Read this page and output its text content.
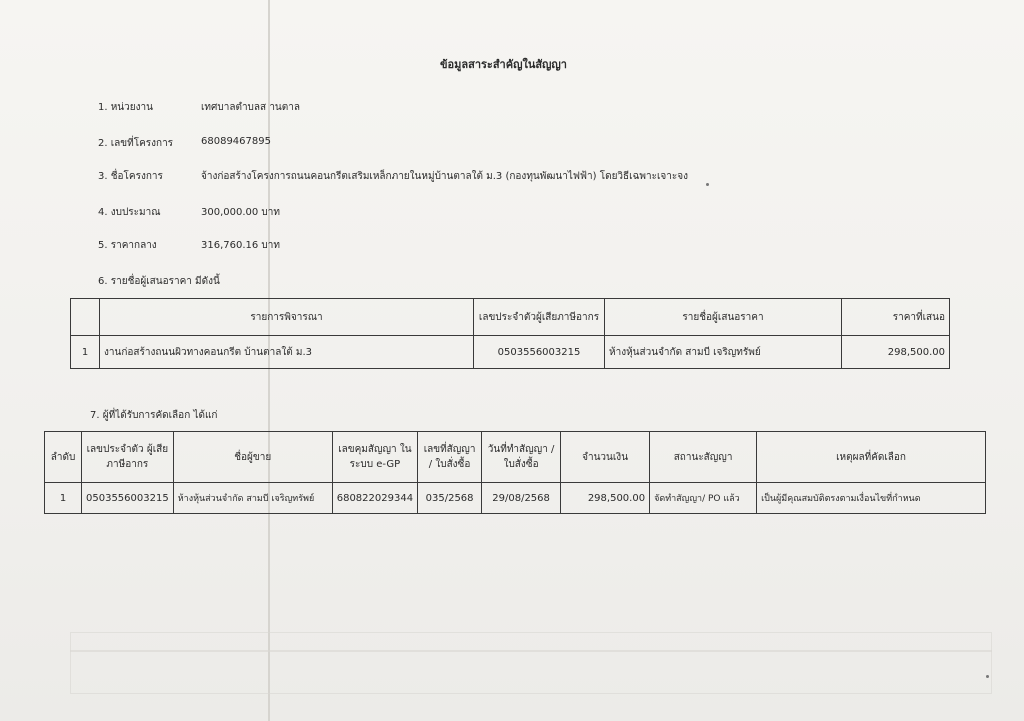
ข้อมูลสาระสำคัญในสัญญา
1. หน่วยงาน	เทศบาลตำบลส านตาล
2. เลขที่โครงการ	68089467895
3. ชื่อโครงการ	จ้างก่อสร้างโครงการถนนคอนกรีตเสริมเหล็กภายในหมู่บ้านตาลใต้ ม.3 (กองทุนพัฒนาไฟฟ้า) โดยวิธีเฉพาะเจาะจง
4. งบประมาณ	300,000.00 บาท
5. ราคากลาง	316,760.16 บาท
6. รายชื่อผู้เสนอราคา มีดังนี้
	รายการพิจารณา	เลขประจำตัวผู้เสียภาษีอากร	รายชื่อผู้เสนอราคา	ราคาที่เสนอ
1	งานก่อสร้างถนนผิวทางคอนกรีต บ้านตาลใต้ ม.3	0503556003215	ห้างหุ้นส่วนจำกัด สามบี เจริญทรัพย์	298,500.00
7. ผู้ที่ได้รับการคัดเลือก ได้แก่
ลำดับ	เลขประจำตัว ผู้เสียภาษีอากร	ชื่อผู้ขาย	เลขคุมสัญญา ในระบบ e-GP	เลขที่สัญญา / ใบสั่งซื้อ	วันที่ทำสัญญา / ใบสั่งซื้อ	จำนวนเงิน	สถานะสัญญา	เหตุผลที่คัดเลือก
1	0503556003215	ห้างหุ้นส่วนจำกัด สามบี เจริญทรัพย์	680822029344	035/2568	29/08/2568	298,500.00	จัดทำสัญญา/ PO แล้ว	เป็นผู้มีคุณสมบัติตรงตามเงื่อนไขที่กำหนด
